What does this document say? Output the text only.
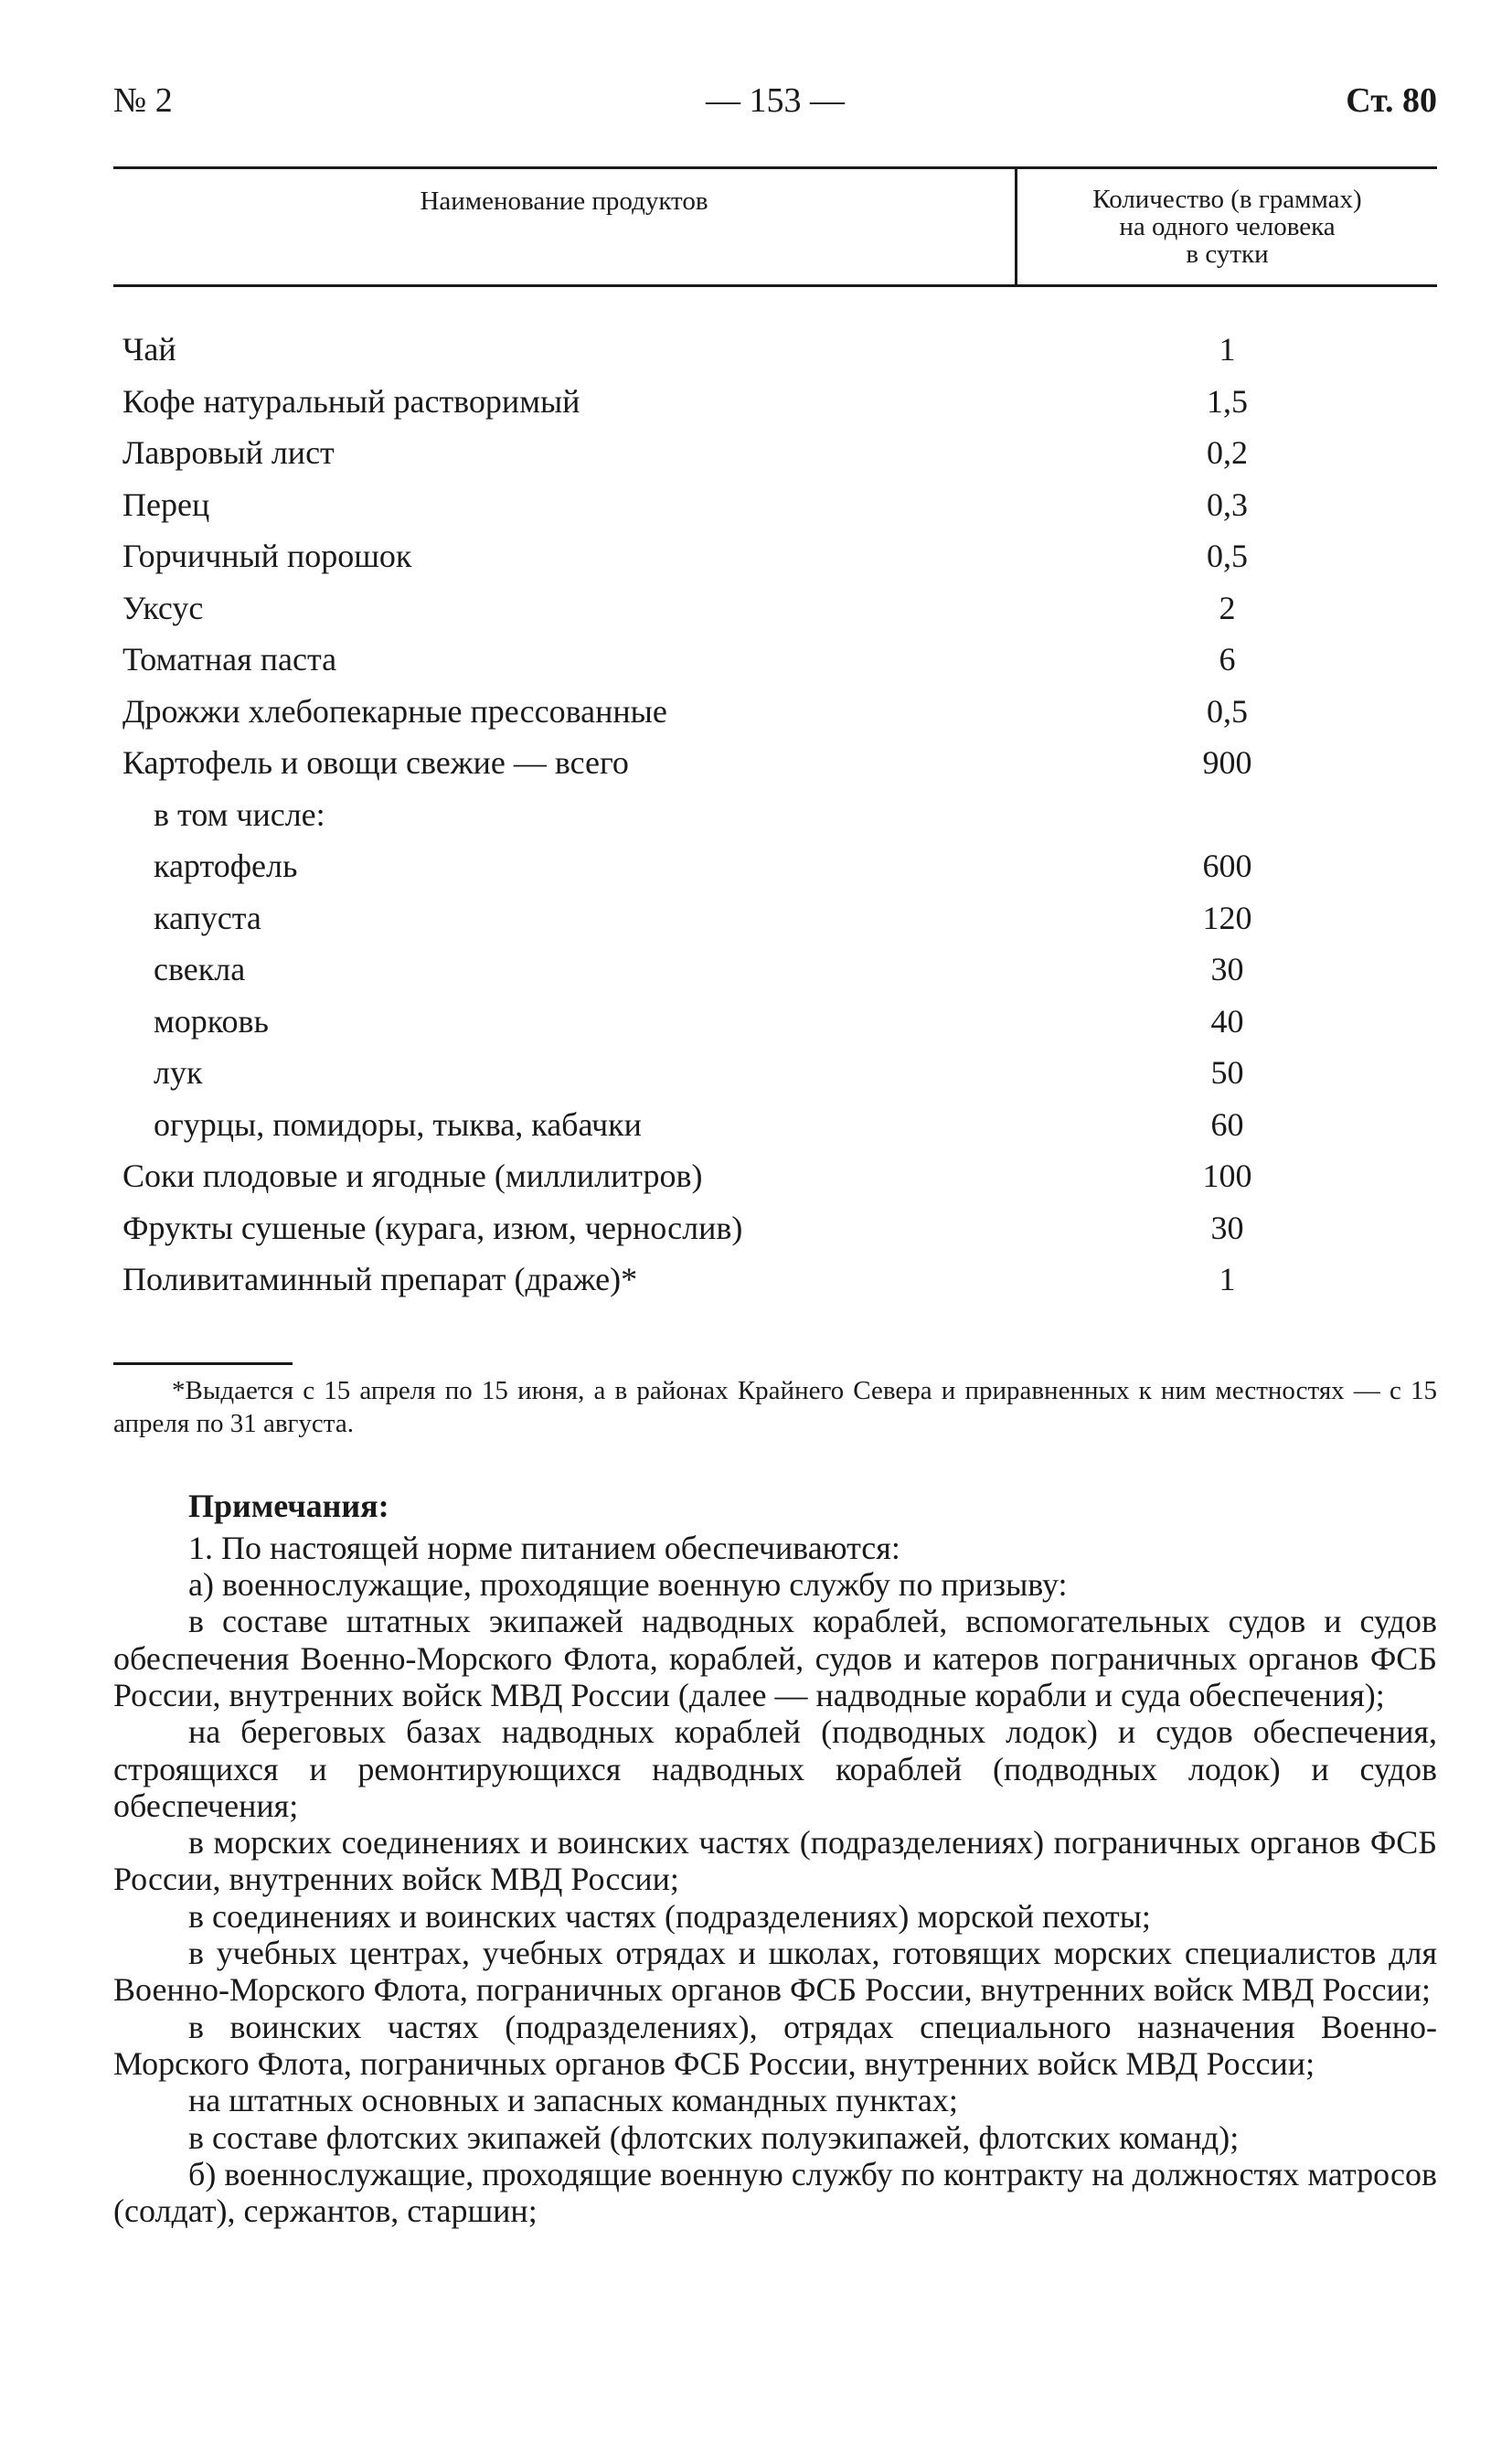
№ 2	— 153 —	Ст. 80
Наименование продуктов	Количество (в граммах)
на одного человека
в сутки
Чай	1
Кофе натуральный растворимый	1,5
Лавровый лист	0,2
Перец	0,3
Горчичный порошок	0,5
Уксус	2
Томатная паста	6
Дрожжи хлебопекарные прессованные	0,5
Картофель и овощи свежие — всего	900
в том числе:
картофель	600
капуста	120
свекла	30
морковь	40
лук	50
огурцы, помидоры, тыква, кабачки	60
Соки плодовые и ягодные (миллилитров)	100
Фрукты сушеные (курага, изюм, чернослив)	30
Поливитаминный препарат (драже)*	1
*Выдается с 15 апреля по 15 июня, а в районах Крайнего Севера и приравненных к ним местностях — с 15 апреля по 31 августа.

Примечания:

1. По настоящей норме питанием обеспечиваются:

а) военнослужащие, проходящие военную службу по призыву:

в составе штатных экипажей надводных кораблей, вспомогательных судов и судов обеспечения Военно-Морского Флота, кораблей, судов и катеров пограничных органов ФСБ России, внутренних войск МВД России (далее — надводные корабли и суда обеспечения);

на береговых базах надводных кораблей (подводных лодок) и судов обеспечения, строящихся и ремонтирующихся надводных кораблей (подводных лодок) и судов обеспечения;

в морских соединениях и воинских частях (подразделениях) пограничных органов ФСБ России, внутренних войск МВД России;

в соединениях и воинских частях (подразделениях) морской пехоты;

в учебных центрах, учебных отрядах и школах, готовящих морских специалистов для Военно-Морского Флота, пограничных органов ФСБ России, внутренних войск МВД России;

в воинских частях (подразделениях), отрядах специального назначения Военно-Морского Флота, пограничных органов ФСБ России, внутренних войск МВД России;

на штатных основных и запасных командных пунктах;

в составе флотских экипажей (флотских полуэкипажей, флотских команд);

б) военнослужащие, проходящие военную службу по контракту на должностях матросов (солдат), сержантов, старшин;
